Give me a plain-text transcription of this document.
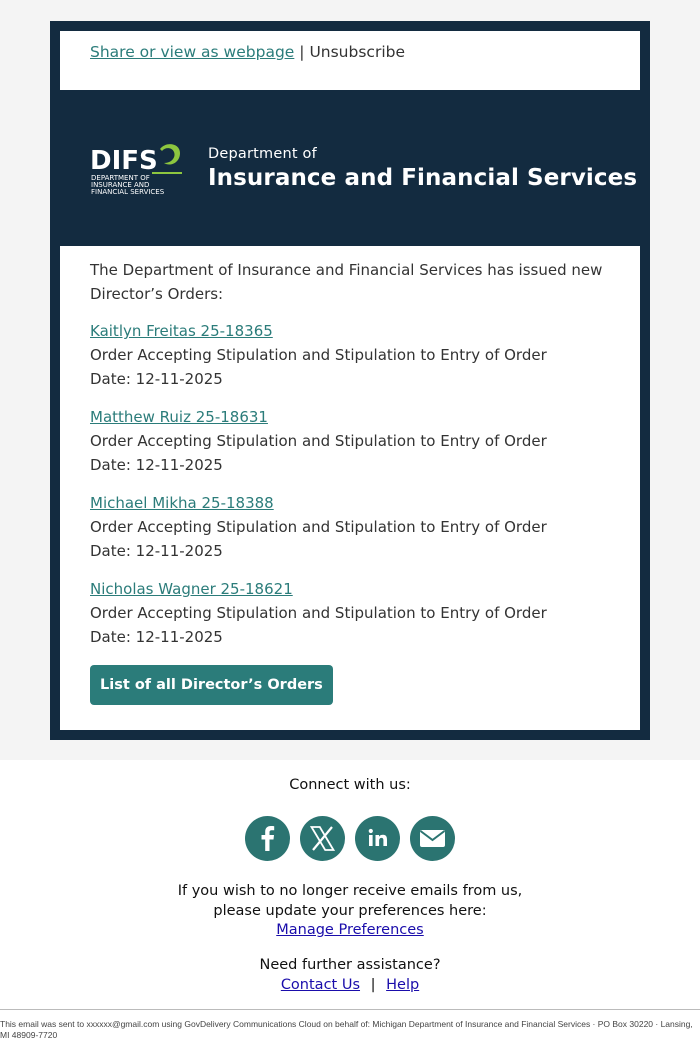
Share or view as webpage | Unsubscribe
DIFS
DEPARTMENT OF
INSURANCE AND
FINANCIAL SERVICES
Department of
Insurance and Financial Services

The Department of Insurance and Financial Services has issued new Director’s Orders:

Kaitlyn Freitas 25-18365

Order Accepting Stipulation and Stipulation to Entry of Order

Date: 12-11-2025

Matthew Ruiz 25-18631

Order Accepting Stipulation and Stipulation to Entry of Order

Date: 12-11-2025

Michael Mikha 25-18388

Order Accepting Stipulation and Stipulation to Entry of Order

Date: 12-11-2025

Nicholas Wagner 25-18621

Order Accepting Stipulation and Stipulation to Entry of Order

Date: 12-11-2025

List of all Director’s Orders
Connect with us:
If you wish to no longer receive emails from us,
please update your preferences here:
Manage Preferences
Need further assistance?
Contact Us | Help
This email was sent to xxxxxx@gmail.com using GovDelivery Communications Cloud on behalf of: Michigan Department of Insurance and Financial Services · PO Box 30220 · Lansing, MI 48909-7720
